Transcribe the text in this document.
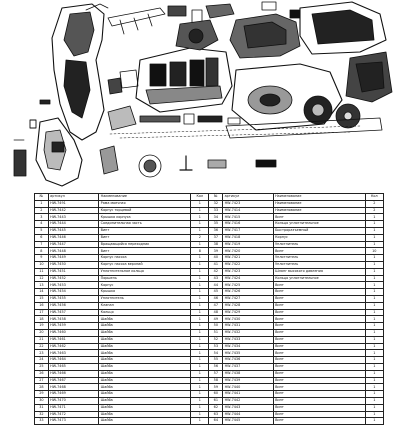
№	артикул	Наименование	Кол	№	артикул	Наименование	Кол
1	HW-7491	Рама моечная	1	32	HW-7423	Наименование	2
2	HW-7442	Корпус торцевой	1	33	HW-7414	Наименование	2
3	HW-7443	Крышка корпуса	1	34	HW-7415	Винт	1
4	HW-7444	Соединительная часть	1	35	HW-7416	Кольцо уплотнительное	1
5	HW-7445	Винт	1	36	HW-7417	Быстроразъемный	1
6	HW-7446	Винт	2	37	HW-7418	Корпус	1
7	HW-7447	Вращающийся переходник	1	38	HW-7419	Уплотнитель	1
8	HW-7448	Винт	8	39	HW-7420	Винт	10
9	HW-7449	Корпус насоса	1	40	HW-7421	Уплотнитель	1
10	HW-7450	Корпус насоса верхний	1	41	HW-7422	Уплотнитель	1
11	HW-7451	Уплотнительное кольцо	1	42	HW-7423	Шланг высокого давления	1
12	HW-7452	Поршень	1	43	HW-7424	Кольцо уплотнительное	1
13	HW-7453	Корпус	1	44	HW-7425	Винт	1
14	HW-7454	Крышка	1	45	HW-7426	Винт	1
15	HW-7455	Уплотнитель	1	46	HW-7427	Винт	1
16	HW-7456	Клапан	1	47	HW-7428	Винт	1
17	HW-7457	Кольцо	1	48	HW-7429	Винт	1
18	HW-7458	Шайба	1	49	HW-7430	Винт	1
19	HW-7459	Шайба	1	50	HW-7431	Винт	1
20	HW-7460	Шайба	1	51	HW-7432	Винт	1
21	HW-7461	Шайба	1	52	HW-7433	Винт	1
22	HW-7462	Шайба	1	53	HW-7434	Винт	1
23	HW-7463	Шайба	1	54	HW-7435	Винт	1
24	HW-7464	Шайба	1	55	HW-7436	Винт	1
25	HW-7465	Шайба	1	56	HW-7437	Винт	1
26	HW-7466	Шайба	1	57	HW-7438	Винт	1
27	HW-7467	Шайба	1	58	HW-7439	Винт	1
28	HW-7468	Шайба	1	59	HW-7440	Винт	1
29	HW-7469	Шайба	1	60	HW-7441	Винт	1
30	HW-7470	Шайба	1	61	HW-7442	Винт	1
31	HW-7471	Шайба	1	62	HW-7443	Винт	1
32	HW-7472	Шайба	1	63	HW-7444	Винт	1
33	HW-7473	Шайба	1	64	HW-7445	Винт	1
